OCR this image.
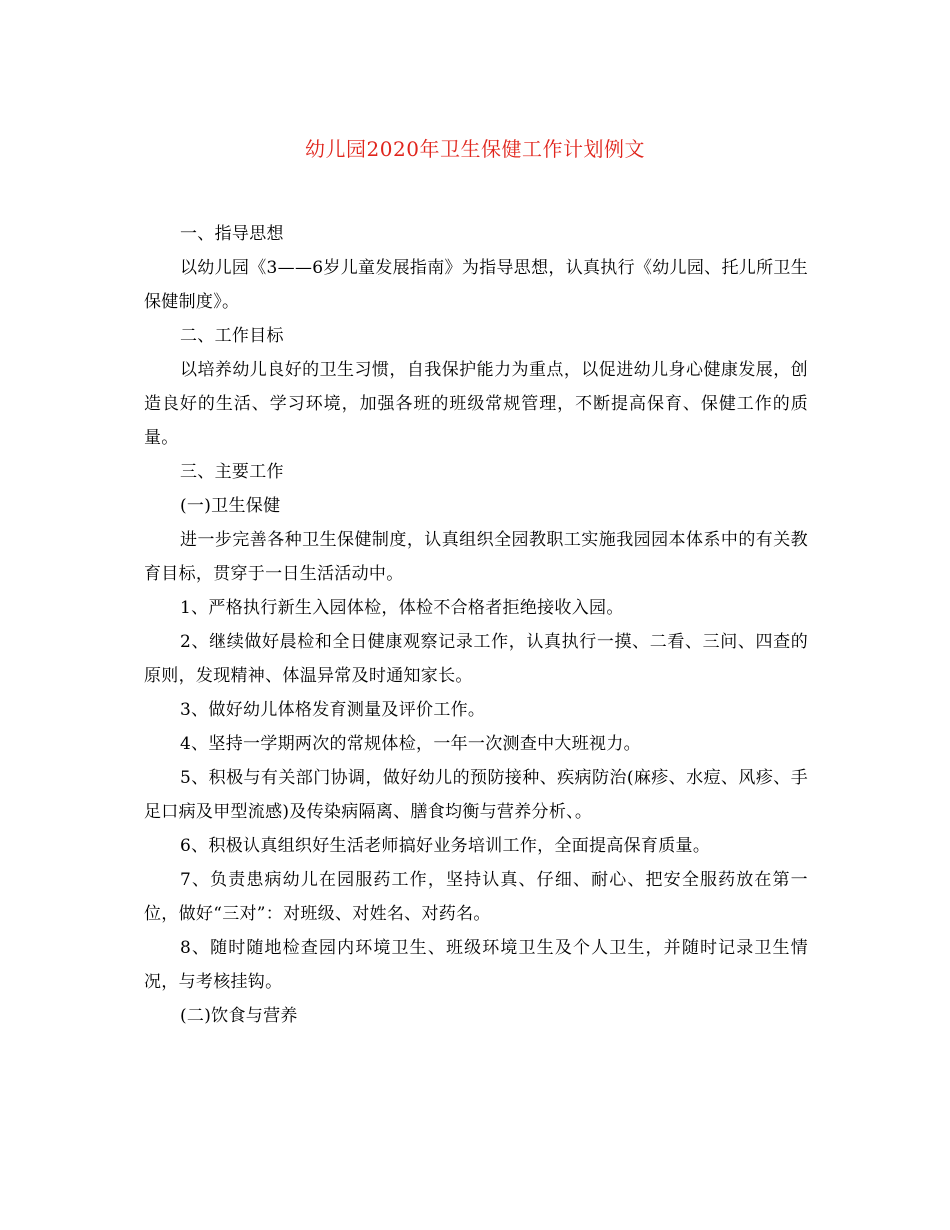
幼儿园2020年卫生保健工作计划例文

一、指导思想

以幼儿园《3——6岁儿童发展指南》为指导思想，认真执行《幼儿园、托儿所卫生保健制度》。

二、工作目标

以培养幼儿良好的卫生习惯，自我保护能力为重点，以促进幼儿身心健康发展，创造良好的生活、学习环境，加强各班的班级常规管理，不断提高保育、保健工作的质量。

三、主要工作

(一)卫生保健

进一步完善各种卫生保健制度，认真组织全园教职工实施我园园本体系中的有关教育目标，贯穿于一日生活活动中。

1、严格执行新生入园体检，体检不合格者拒绝接收入园。

2、继续做好晨检和全日健康观察记录工作，认真执行一摸、二看、三问、四查的原则，发现精神、体温异常及时通知家长。

3、做好幼儿体格发育测量及评价工作。

4、坚持一学期两次的常规体检，一年一次测查中大班视力。

5、积极与有关部门协调，做好幼儿的预防接种、疾病防治(麻疹、水痘、风疹、手足口病及甲型流感)及传染病隔离、膳食均衡与营养分析、。

6、积极认真组织好生活老师搞好业务培训工作，全面提高保育质量。

7、负责患病幼儿在园服药工作，坚持认真、仔细、耐心、把安全服药放在第一位，做好“三对”：对班级、对姓名、对药名。

8、随时随地检查园内环境卫生、班级环境卫生及个人卫生，并随时记录卫生情况，与考核挂钩。

(二)饮食与营养
